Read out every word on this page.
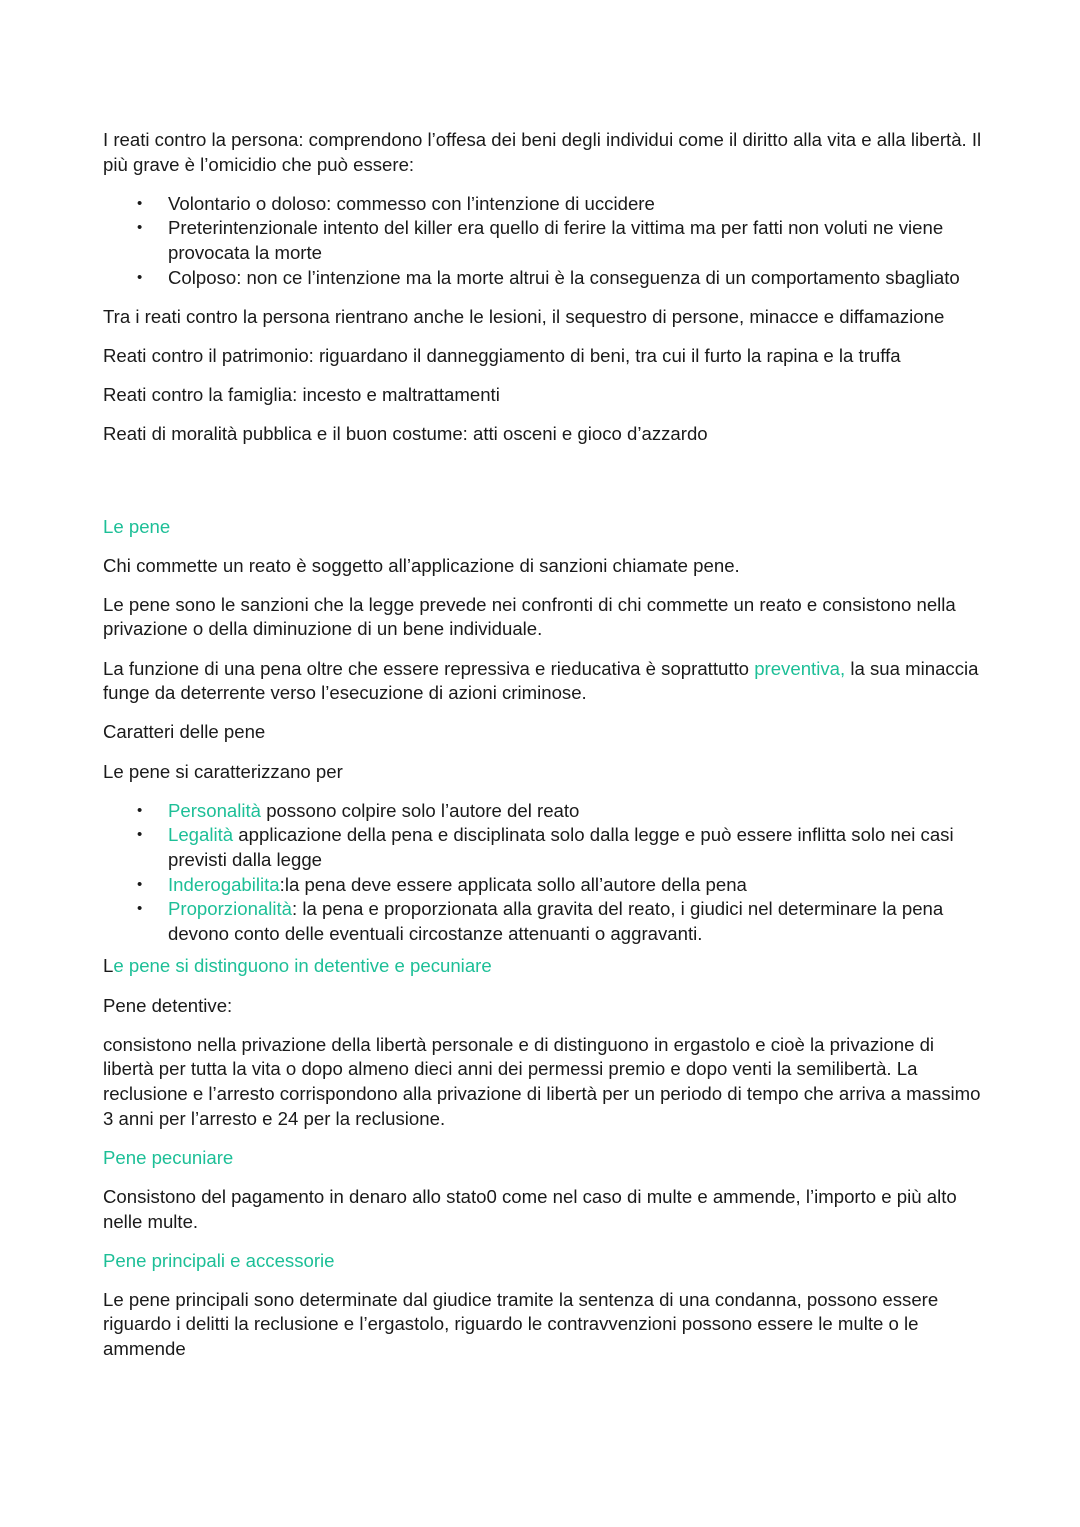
I reati contro la persona: comprendono l’offesa dei beni degli individui come il diritto alla vita e alla libertà. Il più grave è l’omicidio che può essere:

• Volontario o doloso: commesso con l’intenzione di uccidere
• Preterintenzionale intento del killer era quello di ferire la vittima ma per fatti non voluti ne viene provocata la morte
• Colposo: non ce l’intenzione ma la morte altrui è la conseguenza di un comportamento sbagliato

Tra i reati contro la persona rientrano anche le lesioni, il sequestro di persone, minacce e diffamazione

Reati contro il patrimonio: riguardano il danneggiamento di beni, tra cui il furto la rapina e la truffa

Reati contro la famiglia: incesto e maltrattamenti

Reati di moralità pubblica e il buon costume: atti osceni e gioco d’azzardo

Le pene

Chi commette un reato è soggetto all’applicazione di sanzioni chiamate pene.

Le pene sono le sanzioni che la legge prevede nei confronti di chi commette un reato e consistono nella privazione o della diminuzione di un bene individuale.

La funzione di una pena oltre che essere repressiva e rieducativa è soprattutto preventiva, la sua minaccia funge da deterrente verso l’esecuzione di azioni criminose.

Caratteri delle pene

Le pene si caratterizzano per

• Personalità possono colpire solo l’autore del reato
• Legalità applicazione della pena e disciplinata solo dalla legge e può essere inflitta solo nei casi previsti dalla legge
• Inderogabilita:la pena deve essere applicata sollo all’autore della pena
• Proporzionalità: la pena e proporzionata alla gravita del reato, i giudici nel determinare la pena devono conto delle eventuali circostanze attenuanti o aggravanti.

Le pene si distinguono in detentive e pecuniare

Pene detentive:

consistono nella privazione della libertà personale e di distinguono in ergastolo e cioè la privazione di libertà per tutta la vita o dopo almeno dieci anni dei permessi premio e dopo venti la semilibertà. La reclusione e l’arresto corrispondono alla privazione di libertà per un periodo di tempo che arriva a massimo 3 anni per l’arresto e 24 per la reclusione.

Pene pecuniare

Consistono del pagamento in denaro allo stato0 come nel caso di multe e ammende, l’importo e più alto nelle multe.

Pene principali e accessorie

Le pene principali sono determinate dal giudice tramite la sentenza di una condanna, possono essere riguardo i delitti la reclusione e l’ergastolo, riguardo le contravvenzioni possono essere le multe o le ammende
